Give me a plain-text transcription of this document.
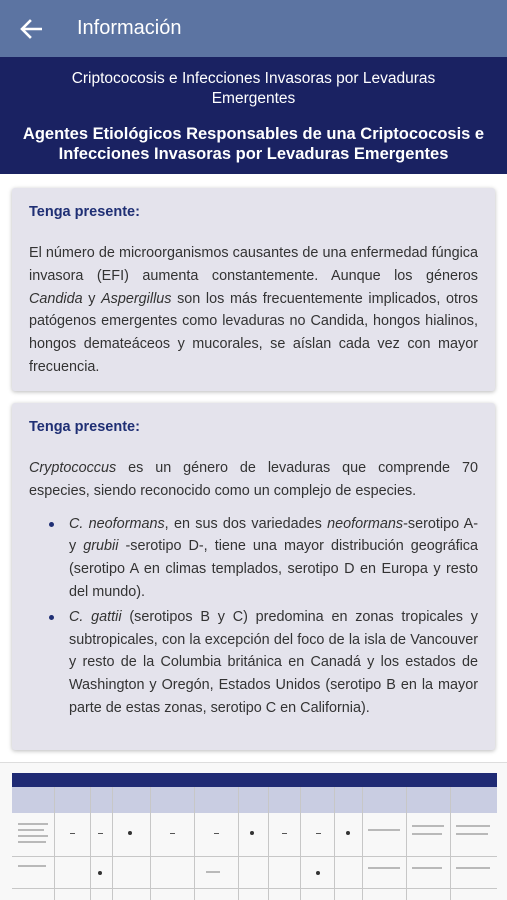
Información
Criptococosis e Infecciones Invasoras por Levaduras Emergentes
Agentes Etiológicos Responsables de una Criptococosis e Infecciones Invasoras por Levaduras Emergentes
Tenga presente:

El número de microorganismos causantes de una enfermedad fúngica invasora (EFI) aumenta constantemente. Aunque los géneros Candida y Aspergillus son los más frecuentemente implicados, otros patógenos emergentes como levaduras no Candida, hongos hialinos, hongos demateáceos y mucorales, se aíslan cada vez con mayor frecuencia.

Tenga presente:

Cryptococcus es un género de levaduras que comprende 70 especies, siendo reconocido como un complejo de especies.

C. neoformans, en sus dos variedades neoformans-serotipo A- y grubii -serotipo D-, tiene una mayor distribución geográfica (serotipo A en climas templados, serotipo D en Europa y resto del mundo).
C. gattii (serotipos B y C) predomina en zonas tropicales y subtropicales, con la excepción del foco de la isla de Vancouver y resto de la Columbia británica en Canadá y los estados de Washington y Oregón, Estados Unidos (serotipo B en la mayor parte de estas zonas, serotipo C en California).
